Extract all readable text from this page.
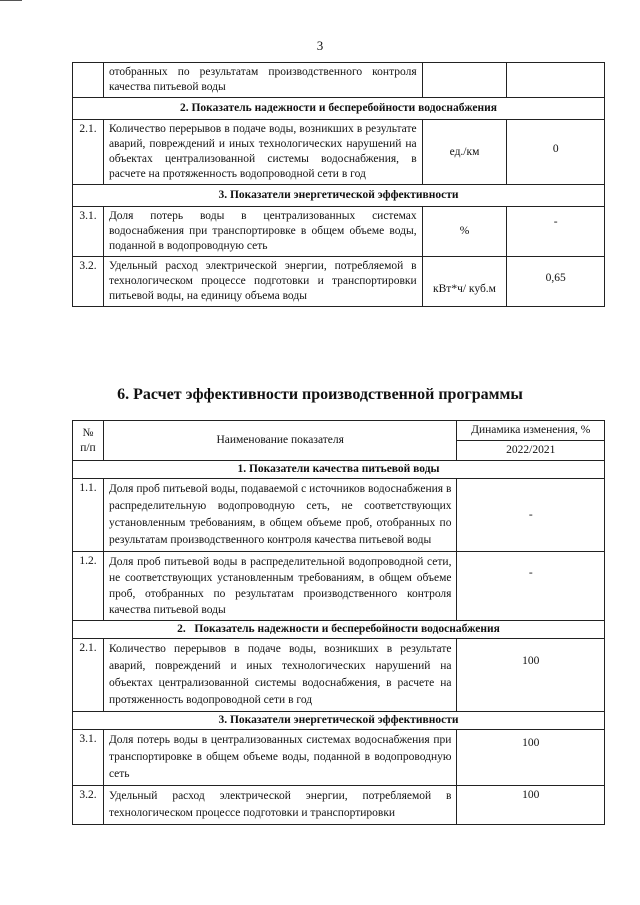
3
	отобранных по результатам производственного контроля качества питьевой воды		
2. Показатель надежности и бесперебойности водоснабжения			
2.1.	Количество перерывов в подаче воды, возникших в результате аварий, повреждений и иных технологических нарушений на объектах централизованной системы водоснабжения, в расчете на протяженность водопроводной сети в год	ед./км	0
3. Показатели энергетической эффективности			
3.1.	Доля потерь воды в централизованных системах водоснабжения при транспортировке в общем объеме воды, поданной в водопроводную сеть	%	-
3.2.	Удельный расход электрической энергии, потребляемой в технологическом процессе подготовки и транспортировки питьевой воды, на единицу объема воды	кВт*ч/ куб.м	0,65
6. Расчет эффективности производственной программы
№ п/п	Наименование показателя	Динамика изменения, %
		2022/2021
1. Показатели качества питьевой воды		
1.1.	Доля проб питьевой воды, подаваемой с источников водоснабжения в распределительную водопроводную сеть, не соответствующих установленным требованиям, в общем объеме проб, отобранных по результатам производственного контроля качества питьевой воды	-
1.2.	Доля проб питьевой воды в распределительной водопроводной сети, не соответствующих установленным требованиям, в общем объеме проб, отобранных по результатам производственного контроля качества питьевой воды	-
2.   Показатель надежности и бесперебойности водоснабжения		
2.1.	Количество перерывов в подаче воды, возникших в результате аварий, повреждений и иных технологических нарушений на объектах централизованной системы водоснабжения, в расчете на протяженность водопроводной сети в год	100
3. Показатели энергетической эффективности		
3.1.	Доля потерь воды в централизованных системах водоснабжения при транспортировке в общем объеме воды, поданной в водопроводную сеть	100
3.2.	Удельный расход электрической энергии, потребляемой в технологическом процессе подготовки и транспортировки	100
